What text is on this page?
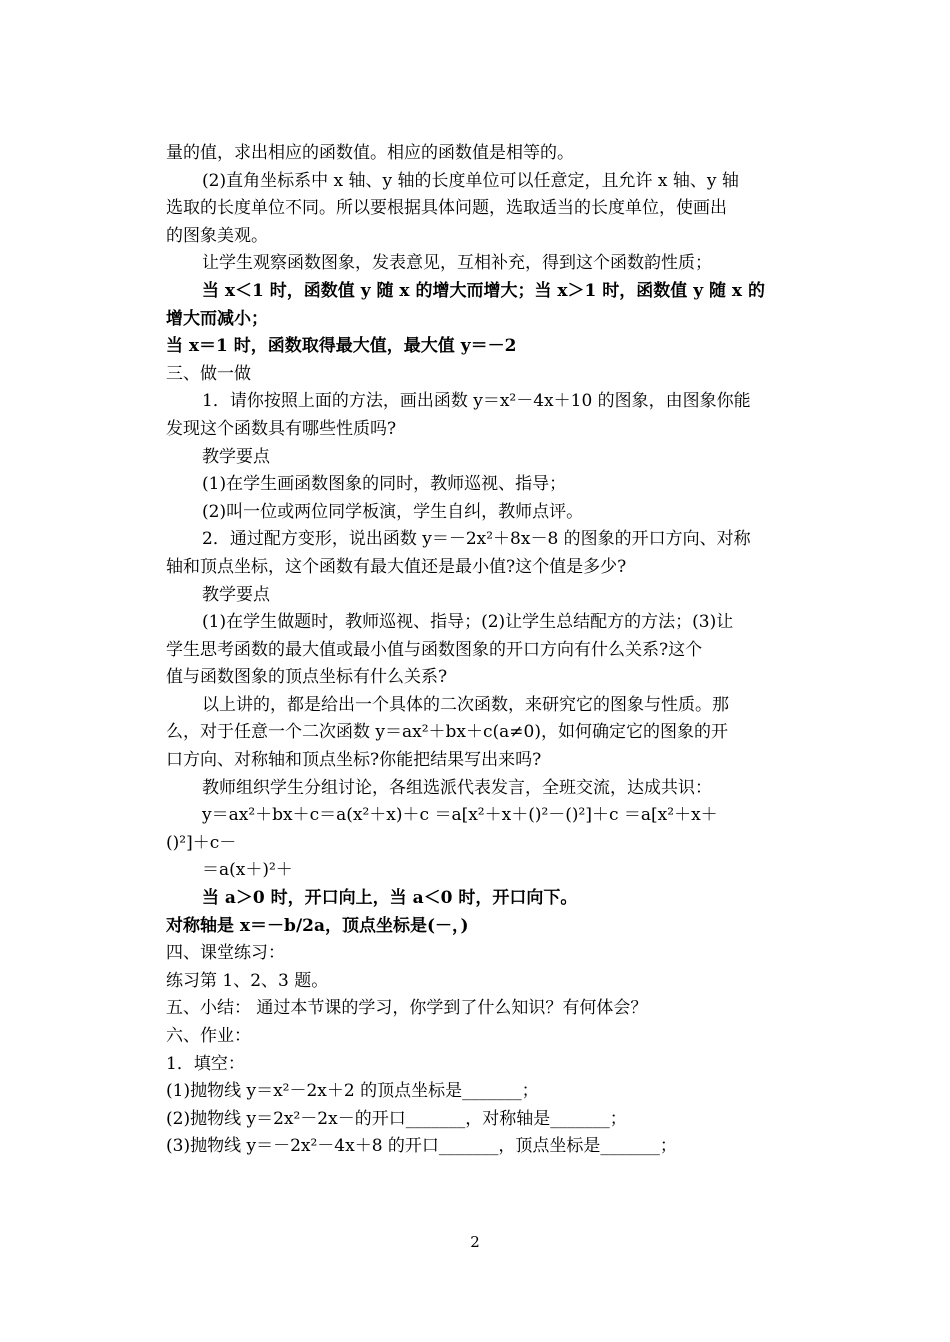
量的值，求出相应的函数值。相应的函数值是相等的。
(2)直角坐标系中 x 轴、y 轴的长度单位可以任意定，且允许 x 轴、y 轴
选取的长度单位不同。所以要根据具体问题，选取适当的长度单位，使画出
的图象美观。
让学生观察函数图象，发表意见，互相补充，得到这个函数韵性质；
当 x＜1 时，函数值 y 随 x 的增大而增大；当 x＞1 时，函数值 y 随 x 的
增大而减小；
当 x＝1 时，函数取得最大值，最大值 y＝－2
三、做一做
1．请你按照上面的方法，画出函数 y＝x²－4x＋10 的图象，由图象你能
发现这个函数具有哪些性质吗?
教学要点
(1)在学生画函数图象的同时，教师巡视、指导；
(2)叫一位或两位同学板演，学生自纠，教师点评。
2．通过配方变形，说出函数 y＝－2x²＋8x－8 的图象的开口方向、对称
轴和顶点坐标，这个函数有最大值还是最小值?这个值是多少?
教学要点
(1)在学生做题时，教师巡视、指导；(2)让学生总结配方的方法；(3)让
学生思考函数的最大值或最小值与函数图象的开口方向有什么关系?这个
值与函数图象的顶点坐标有什么关系?
以上讲的，都是给出一个具体的二次函数，来研究它的图象与性质。那
么，对于任意一个二次函数 y＝ax²＋bx＋c(a≠0)，如何确定它的图象的开
口方向、对称轴和顶点坐标?你能把结果写出来吗?
教师组织学生分组讨论，各组选派代表发言，全班交流，达成共识：
y＝ax²＋bx＋c＝a(x²＋x)＋c ＝a[x²＋x＋()²－()²]＋c ＝a[x²＋x＋
()²]＋c－
＝a(x＋)²＋
当 a＞0 时，开口向上，当 a＜0 时，开口向下。
对称轴是 x＝－b/2a，顶点坐标是(－，)
四、课堂练习：
练习第 1、2、3 题。
五、小结： 通过本节课的学习，你学到了什么知识？有何体会？
六、作业：
1．填空：
(1)抛物线 y＝x²－2x＋2 的顶点坐标是_______；
(2)抛物线 y＝2x²－2x－的开口_______，对称轴是_______；
(3)抛物线 y＝－2x²－4x＋8 的开口_______，顶点坐标是_______；
2
